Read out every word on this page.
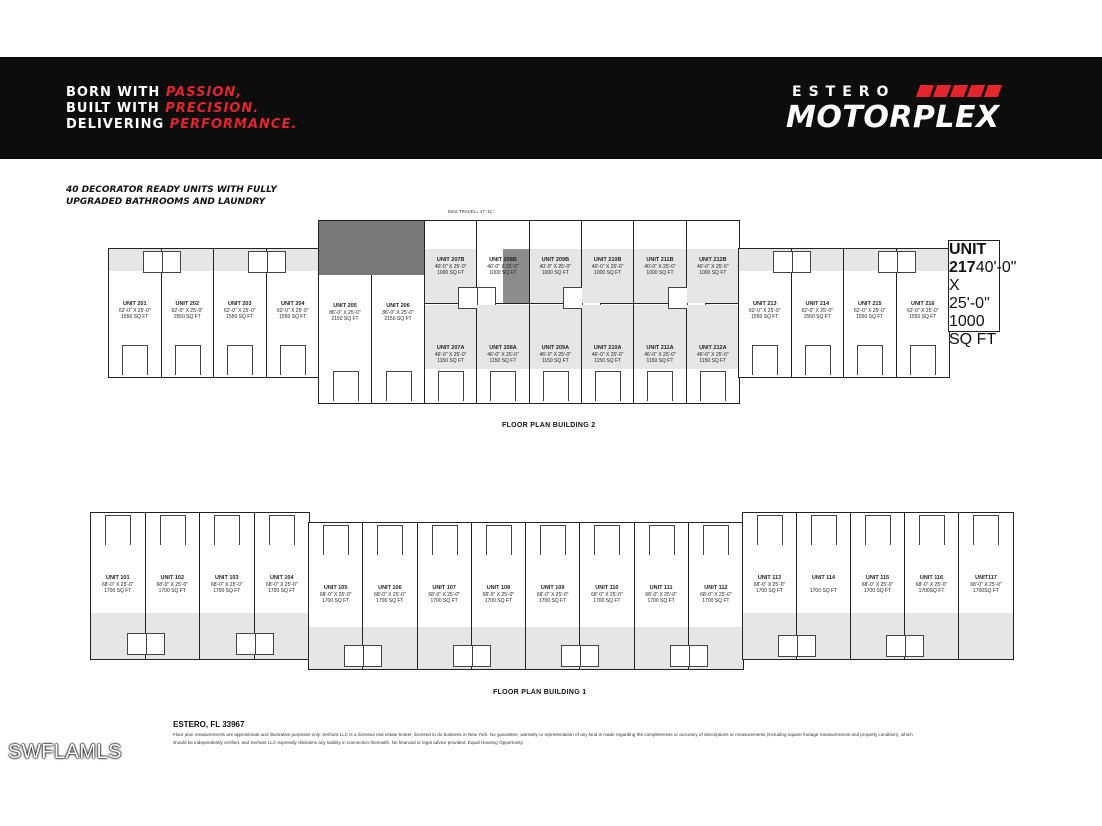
BORN WITH PASSION,
BUILT WITH PRECISION.
DELIVERING PERFORMANCE.
ESTERO
MOTORPLEX
40 DECORATOR READY UNITS WITH FULLY
UPGRADED BATHROOMS AND LAUNDRY
MAX TRAVEL= 47'-11"
UNIT 201
62'-0" X 25'-0"
1550 SQ FT
UNIT 202
62'-0" X 25'-0"
1550 SQ FT
UNIT 203
62'-0" X 25'-0"
1550 SQ FT
UNIT 204
62'-0" X 25'-0"
1550 SQ FT
UNIT 205
86'-0" X 25'-0"
2150 SQ FT
UNIT 206
86'-0" X 25'-0"
2150 SQ FT
UNIT 207B
40'-0" X 25'-0"
1000 SQ FT
UNIT 207A
46'-0" X 25'-0"
1150 SQ FT
UNIT 208B
40'-0" X 25'-0"
1000 SQ FT
UNIT 208A
46'-0" X 25'-0"
1150 SQ FT
UNIT 209B
40'-0" X 25'-0"
1000 SQ FT
UNIT 209A
46'-0" X 25'-0"
1150 SQ FT
UNIT 210B
40'-0" X 25'-0"
1000 SQ FT
UNIT 210A
46'-0" X 25'-0"
1150 SQ FT
UNIT 211B
40'-0" X 25'-0"
1000 SQ FT
UNIT 211A
46'-0" X 25'-0"
1150 SQ FT
UNIT 212B
40'-0" X 25'-0"
1000 SQ FT
UNIT 212A
46'-0" X 25'-0"
1150 SQ FT
UNIT 213
62'-0" X 25'-0"
1550 SQ FT
UNIT 214
62'-0" X 25'-0"
1550 SQ FT
UNIT 215
62'-0" X 25'-0"
1550 SQ FT
UNIT 216
62'-0" X 25'-0"
1550 SQ FT
UNIT 21740'-0" X 25'-0"
1000 SQ FT
FLOOR PLAN BUILDING 2
UNIT 101
68'-0" X 25'-0"
1700 SQ FT
UNIT 102
68'-0" X 25'-0"
1700 SQ FT
UNIT 103
68'-0" X 25'-0"
1700 SQ FT
UNIT 104
68'-0" X 25'-0"
1700 SQ FT	UNIT 105
68'-0" X 25'-0"
1700 SQ FT
UNIT 106
68'-0" X 25'-0"
1700 SQ FT
UNIT 107
68'-0" X 25'-0"
1700 SQ FT
UNIT 108
68'-0" X 25'-0"
1700 SQ FT
UNIT 109
68'-0" X 25'-0"
1700 SQ FT
UNIT 110
68'-0" X 25'-0"
1700 SQ FT
UNIT 111
68'-0" X 25'-0"
1700 SQ FT
UNIT 112
68'-0" X 25'-0"
1700 SQ FT
UNIT 113
68'-0" X 25'-0"
1700 SQ FT
UNIT 114

1700 SQ FT
UNIT 115
68'-0" X 25'-0"
1700 SQ FT
UNIT 116
68'-0" X 25'-0"
1700SQ FT
UNIT117
68'-0" X 25'-0"
1700SQ FT
FLOOR PLAN BUILDING 1
ESTERO, FL 33967
Floor plan measurements are approximate and illustrative purposes only. Serhant LLC is a licensed real estate broker, licensed to do business in New York. No guarantee, warranty or representation of any kind is made regarding the completeness or accuracy of descriptions or measurements (including square footage measurements and property condition), which
should be independently verified, and Serhant LLC expressly disclaims any liability in connection therewith. No financial or legal advice provided. Equal Housing Opportunity.
SWFLAMLS
